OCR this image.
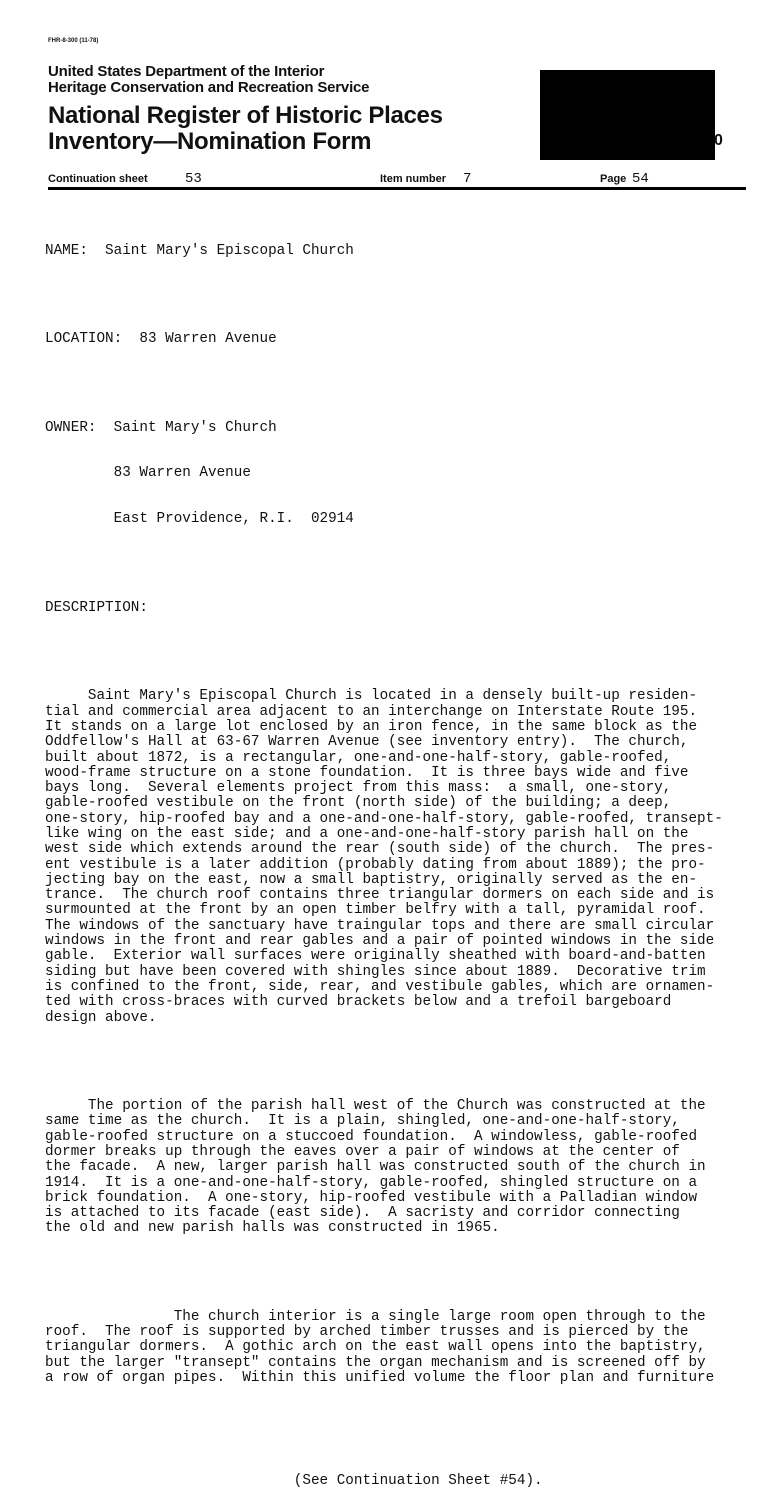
FHR-8-300 (11-78)
United States Department of the Interior
Heritage Conservation and Recreation Service
National Register of Historic Places
Inventory—Nomination Form	0
Continuation sheet	53	Item number 7	Page 54

NAME:  Saint Mary's Episcopal Church

LOCATION:  83 Warren Avenue

OWNER:  Saint Mary's Church

83 Warren Avenue

East Providence, R.I.  02914

DESCRIPTION:

Saint Mary's Episcopal Church is located in a densely built-up residen-
tial and commercial area adjacent to an interchange on Interstate Route 195.
It stands on a large lot enclosed by an iron fence, in the same block as the
Oddfellow's Hall at 63-67 Warren Avenue (see inventory entry).  The church,
built about 1872, is a rectangular, one-and-one-half-story, gable-roofed,
wood-frame structure on a stone foundation.  It is three bays wide and five
bays long.  Several elements project from this mass:  a small, one-story,
gable-roofed vestibule on the front (north side) of the building; a deep,
one-story, hip-roofed bay and a one-and-one-half-story, gable-roofed, transept-
like wing on the east side; and a one-and-one-half-story parish hall on the
west side which extends around the rear (south side) of the church.  The pres-
ent vestibule is a later addition (probably dating from about 1889); the pro-
jecting bay on the east, now a small baptistry, originally served as the en-
trance.  The church roof contains three triangular dormers on each side and is
surmounted at the front by an open timber belfry with a tall, pyramidal roof.
The windows of the sanctuary have traingular tops and there are small circular
windows in the front and rear gables and a pair of pointed windows in the side
gable.  Exterior wall surfaces were originally sheathed with board-and-batten
siding but have been covered with shingles since about 1889.  Decorative trim
is confined to the front, side, rear, and vestibule gables, which are ornamen-
ted with cross-braces with curved brackets below and a trefoil bargeboard
design above.

The portion of the parish hall west of the Church was constructed at the
same time as the church.  It is a plain, shingled, one-and-one-half-story,
gable-roofed structure on a stuccoed foundation.  A windowless, gable-roofed
dormer breaks up through the eaves over a pair of windows at the center of
the facade.  A new, larger parish hall was constructed south of the church in
1914.  It is a one-and-one-half-story, gable-roofed, shingled structure on a
brick foundation.  A one-story, hip-roofed vestibule with a Palladian window
is attached to its facade (east side).  A sacristy and corridor connecting
the old and new parish halls was constructed in 1965.

The church interior is a single large room open through to the
roof.  The roof is supported by arched timber trusses and is pierced by the
triangular dormers.  A gothic arch on the east wall opens into the baptistry,
but the larger "transept" contains the organ mechanism and is screened off by
a row of organ pipes.  Within this unified volume the floor plan and furniture

(See Continuation Sheet #54).
